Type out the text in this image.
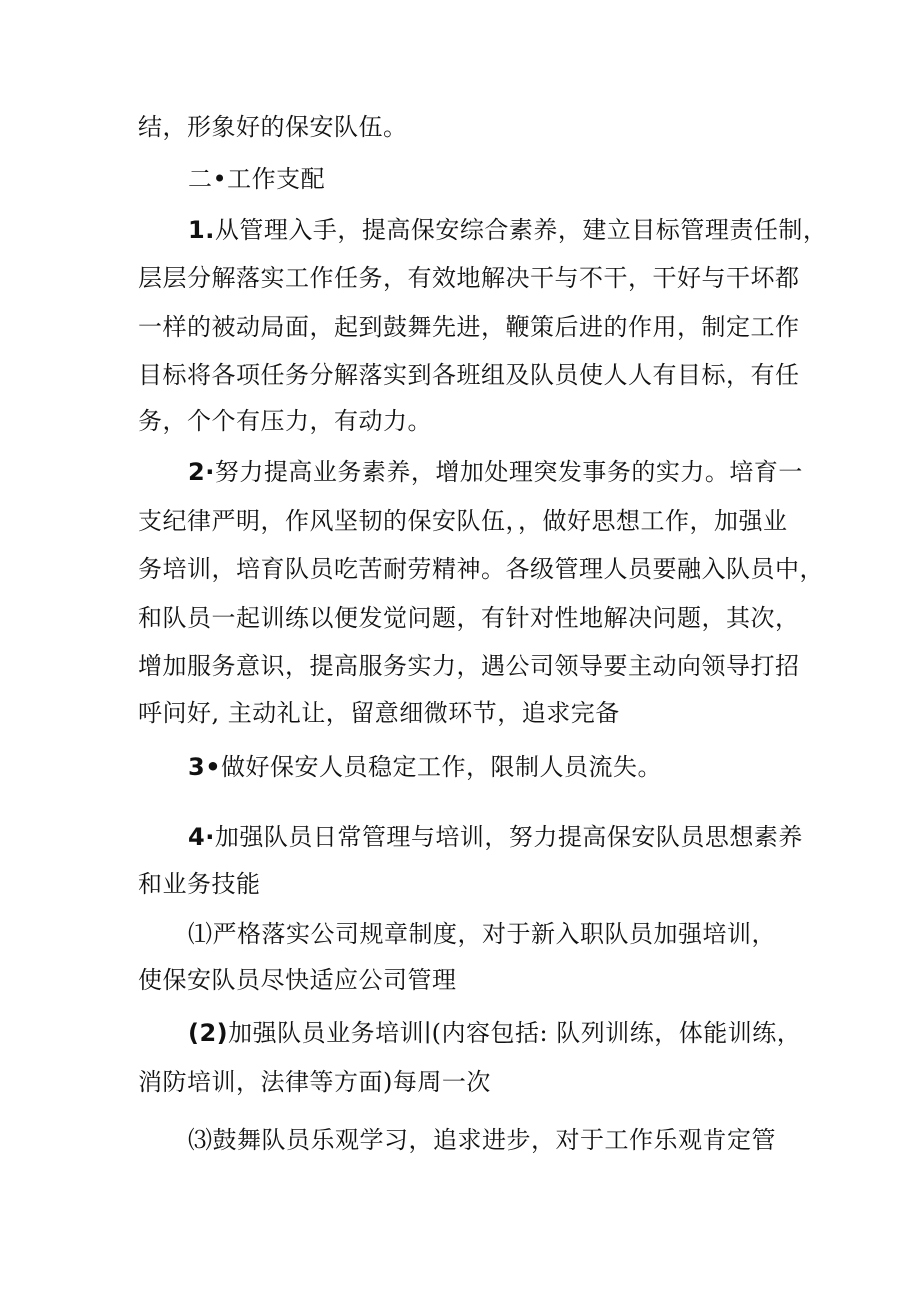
结，形象好的保安队伍。
二•工作支配
1.从管理入手，提高保安综合素养，建立目标管理责任制，
层层分解落实工作任务，有效地解决干与不干，干好与干坏都
一样的被动局面，起到鼓舞先进，鞭策后进的作用，制定工作
目标将各项任务分解落实到各班组及队员使人人有目标，有任
务，个个有压力，有动力。
2·努力提高业务素养，增加处理突发事务的实力。培育一
支纪律严明，作风坚韧的保安队伍，，做好思想工作，加强业
务培训，培育队员吃苦耐劳精神。各级管理人员要融入队员中，
和队员一起训练以便发觉问题，有针对性地解决问题，其次，
增加服务意识，提高服务实力，遇公司领导要主动向领导打招
呼问好, 主动礼让，留意细微环节，追求完备
3•做好保安人员稳定工作，限制人员流失。
4·加强队员日常管理与培训，努力提高保安队员思想素养
和业务技能
⑴严格落实公司规章制度，对于新入职队员加强培训，
使保安队员尽快适应公司管理
(2)加强队员业务培训∣(内容包括: 队列训练，体能训练，
消防培训，法律等方面)每周一次
⑶鼓舞队员乐观学习，追求进步，对于工作乐观肯定管
